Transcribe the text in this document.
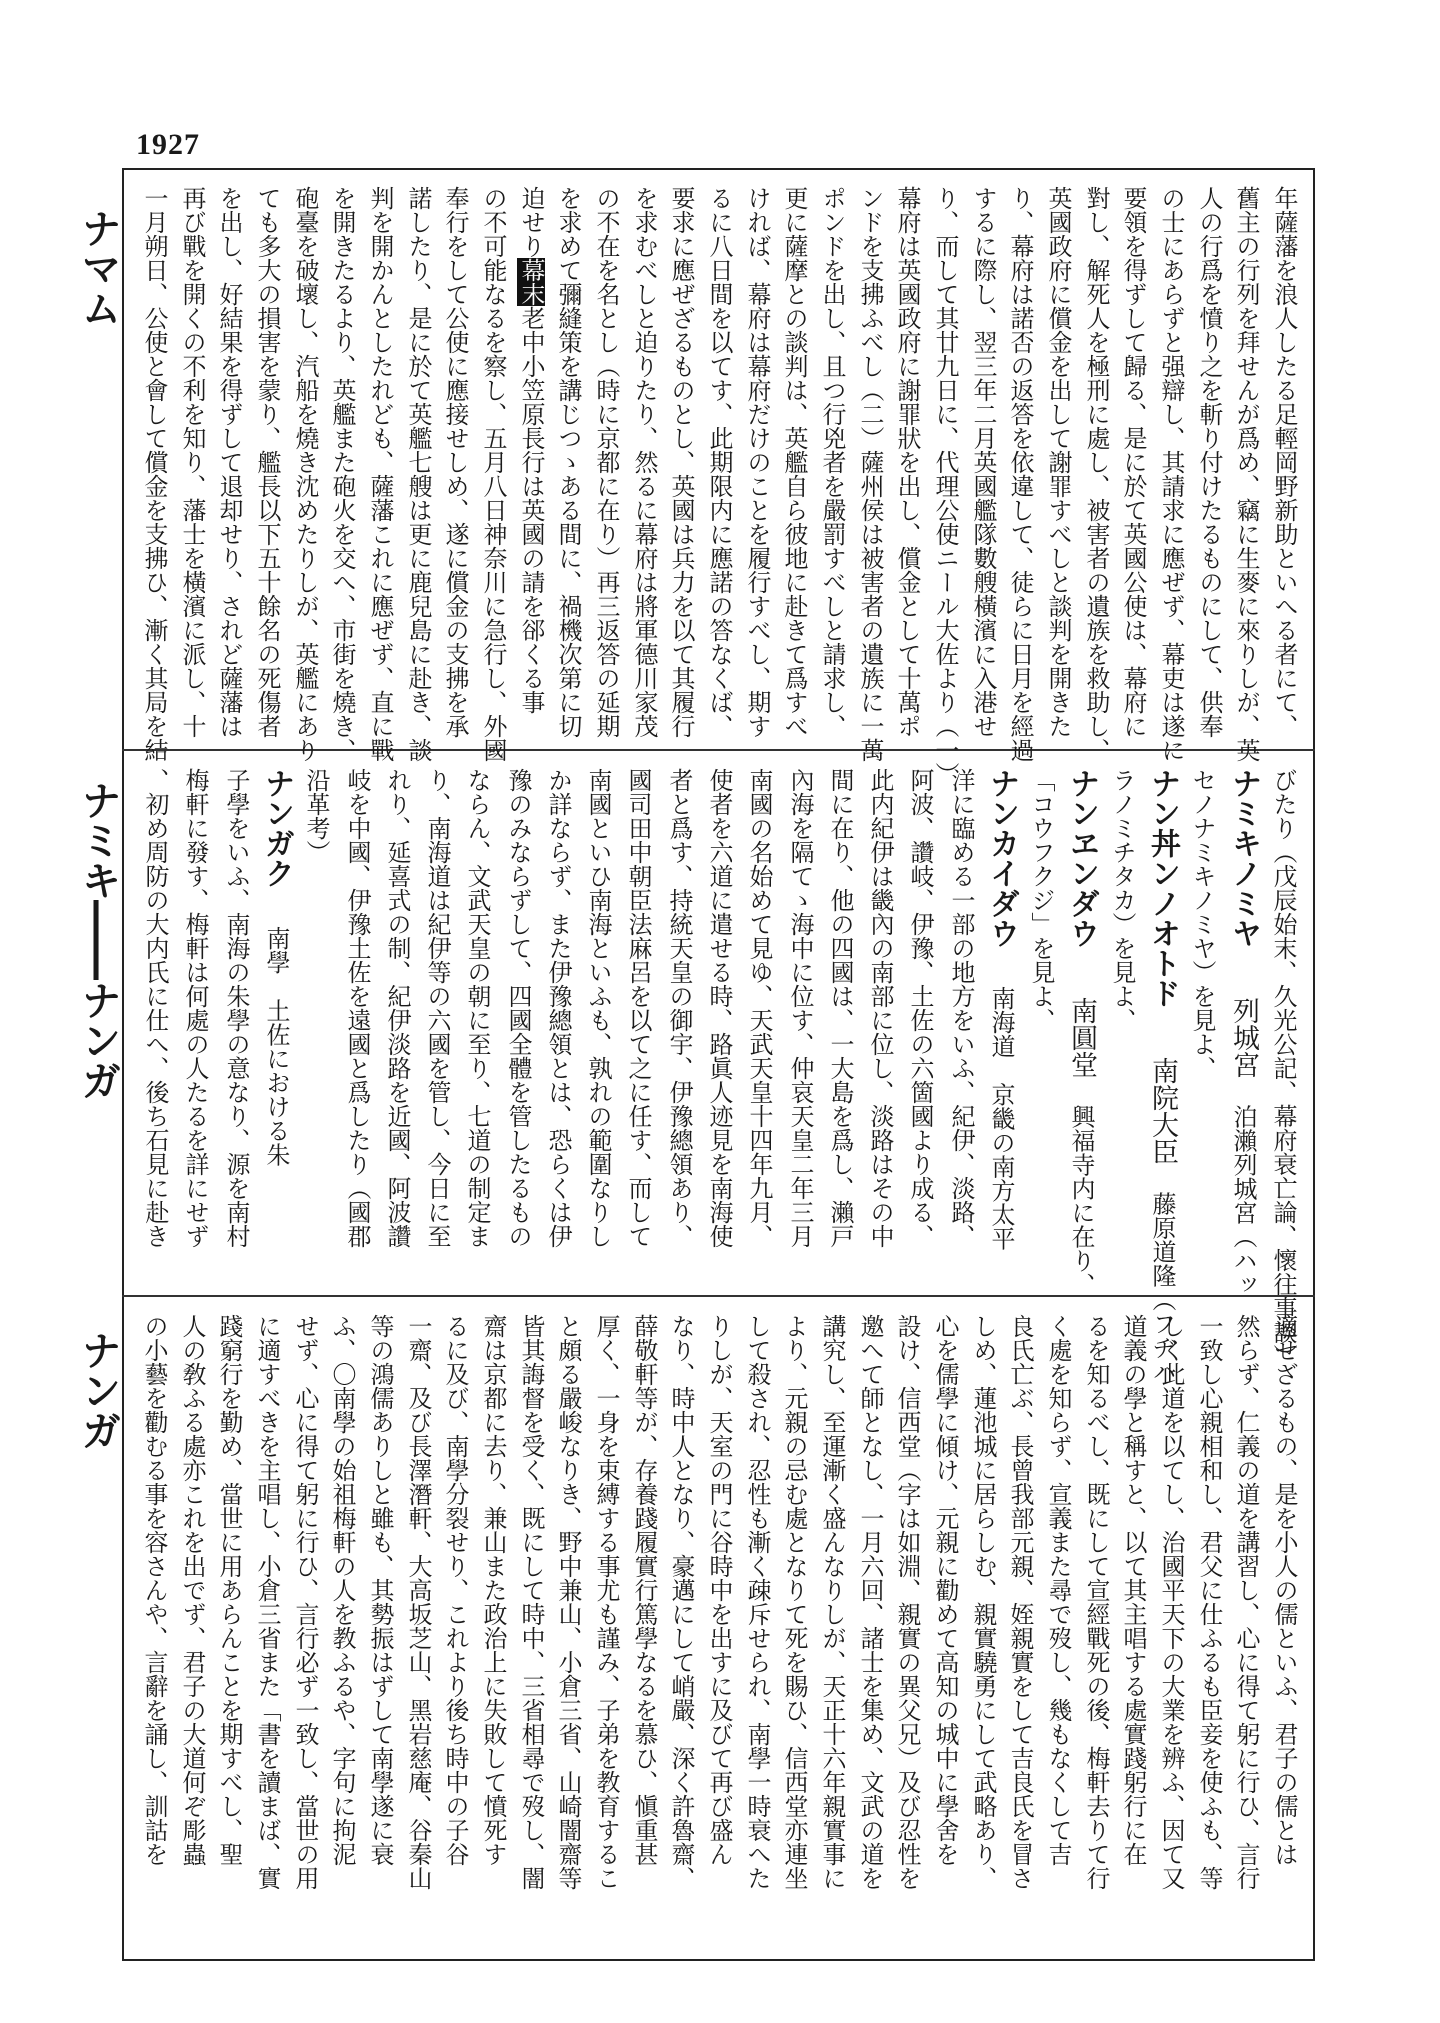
1927
ナマム
ナミキ――ナンガ
ナンガ
年薩藩を浪人したる足輕岡野新助といへる者にて、
舊主の行列を拜せんが爲め、竊に生麥に來りしが、英
人の行爲を憤り之を斬り付けたるものにして、供奉
の士にあらずと强辯し、其請求に應ぜず、幕吏は遂に
要領を得ずして歸る、是に於て英國公使は、幕府に
對し、解死人を極刑に處し、被害者の遺族を救助し、
英國政府に償金を出して謝罪すべしと談判を開きた
り、幕府は諾否の返答を依違して、徒らに日月を經過
するに際し、翌三年二月英國艦隊數艘橫濱に入港せ
り、而して其廿九日に、代理公使ニール大佐より（一）
幕府は英國政府に謝罪狀を出し、償金として十萬ポ
ンドを支拂ふべし（二）薩州侯は被害者の遺族に一萬
ポンドを出し、且つ行兇者を嚴罰すべしと請求し、
更に薩摩との談判は、英艦自ら彼地に赴きて爲すべ
ければ、幕府は幕府だけのことを履行すべし、期す
るに八日間を以てす、此期限内に應諾の答なくば、
要求に應ぜざるものとし、英國は兵力を以て其履行
を求むべしと迫りたり、然るに幕府は將軍德川家茂
の不在を名とし（時に京都に在り）再三返答の延期
を求めて彌縫策を講じつゝある間に、禍機次第に切
迫せり幕末老中小笠原長行は英國の請を郤くる事
の不可能なるを察し、五月八日神奈川に急行し、外國
奉行をして公使に應接せしめ、遂に償金の支拂を承
諾したり、是に於て英艦七艘は更に鹿兒島に赴き、談
判を開かんとしたれども、薩藩これに應ぜず、直に戰
を開きたるより、英艦また砲火を交へ、市街を燒き、
砲臺を破壞し、汽船を燒き沈めたりしが、英艦にあり
ても多大の損害を蒙り、艦長以下五十餘名の死傷者
を出し、好結果を得ずして退却せり、されど薩藩は
再び戰を開くの不利を知り、藩士を橫濱に派し、十
一月朔日、公使と會して償金を支拂ひ、漸く其局を結
びたり（戊辰始末、久光公記、幕府衰亡論、懷往事談）
ナミキノミヤ　列城宮　泊瀨列城宮（ハッ
セノナミキノミヤ）を見よ、
ナン丼ンノオトド　南院大臣　藤原道隆（フヂハ
ラノミチタカ）を見よ、
ナンヱンダウ　南圓堂　興福寺内に在り、
「コウフクジ」を見よ、
ナンカイダウ　南海道　京畿の南方太平
洋に臨める一部の地方をいふ、紀伊、淡路、
阿波、讚岐、伊豫、土佐の六箇國より成る、
此内紀伊は畿內の南部に位し、淡路はその中
間に在り、他の四國は、一大島を爲し、瀨戸
內海を隔てゝ海中に位す、仲哀天皇二年三月
南國の名始めて見ゆ、天武天皇十四年九月、
使者を六道に遣せる時、路眞人迹見を南海使
者と爲す、持統天皇の御宇、伊豫總領あり、
國司田中朝臣法麻呂を以て之に任す、而して
南國といひ南海といふも、孰れの範圍なりし
か詳ならず、また伊豫總領とは、恐らくは伊
豫のみならずして、四國全體を管したるもの
ならん、文武天皇の朝に至り、七道の制定ま
り、南海道は紀伊等の六國を管し、今日に至
れり、延喜式の制、紀伊淡路を近國、阿波讚
岐を中國、伊豫土佐を遠國と爲したり（國郡
沿革考）
ナンガク　南學　土佐における朱
子學をいふ、南海の朱學の意なり、源を南村
梅軒に發す、梅軒は何處の人たるを詳にせず
、初め周防の大内氏に仕へ、後ち石見に赴き
適せざるもの、是を小人の儒といふ、君子の儒とは
然らず、仁義の道を講習し、心に得て躬に行ひ、言行
一致し心親相和し、君父に仕ふるも臣妾を使ふも、等
しく此道を以てし、治國平天下の大業を辨ふ、因て又
道義の學と稱すと、以て其主唱する處實踐躬行に在
るを知るべし、既にして宣經戰死の後、梅軒去りて行
く處を知らず、宣義また尋で歿し、幾もなくして吉
良氏亡ぶ、長曾我部元親、姪親實をして吉良氏を冒さ
しめ、蓮池城に居らしむ、親實驍勇にして武略あり、
心を儒學に傾け、元親に勸めて高知の城中に學舍を
設け、信西堂（字は如淵、親實の異父兄）及び忍性を
邀へて師となし、一月六回、諸士を集め、文武の道を
講究し、至運漸く盛んなりしが、天正十六年親實事に
より、元親の忌む處となりて死を賜ひ、信西堂亦連坐
して殺され、忍性も漸く疎斥せられ、南學一時衰へた
りしが、天室の門に谷時中を出すに及びて再び盛ん
なり、時中人となり、豪邁にして峭嚴、深く許魯齋、
薛敬軒等が、存養踐履實行篤學なるを慕ひ、愼重甚
厚く、一身を束縛する事尤も謹み、子弟を教育するこ
と頗る嚴峻なりき、野中兼山、小倉三省、山崎闇齋等
皆其誨督を受く、既にして時中、三省相尋で歿し、闇
齋は京都に去り、兼山また政治上に失敗して憤死す
るに及び、南學分裂せり、これより後ち時中の子谷
一齋、及び長澤潛軒、大高坂芝山、黑岩慈庵、谷秦山
等の鴻儒ありしと雖も、其勢振はずして南學遂に衰
ふ、〇南學の始祖梅軒の人を教ふるや、字句に拘泥
せず、心に得て躬に行ひ、言行必ず一致し、當世の用
に適すべきを主唱し、小倉三省また「書を讀まば、實
踐窮行を勤め、當世に用あらんことを期すべし、聖
人の敎ふる處亦これを出でず、君子の大道何ぞ彫蟲
の小藝を勸むる事を容さんや、言辭を誦し、訓詁を
